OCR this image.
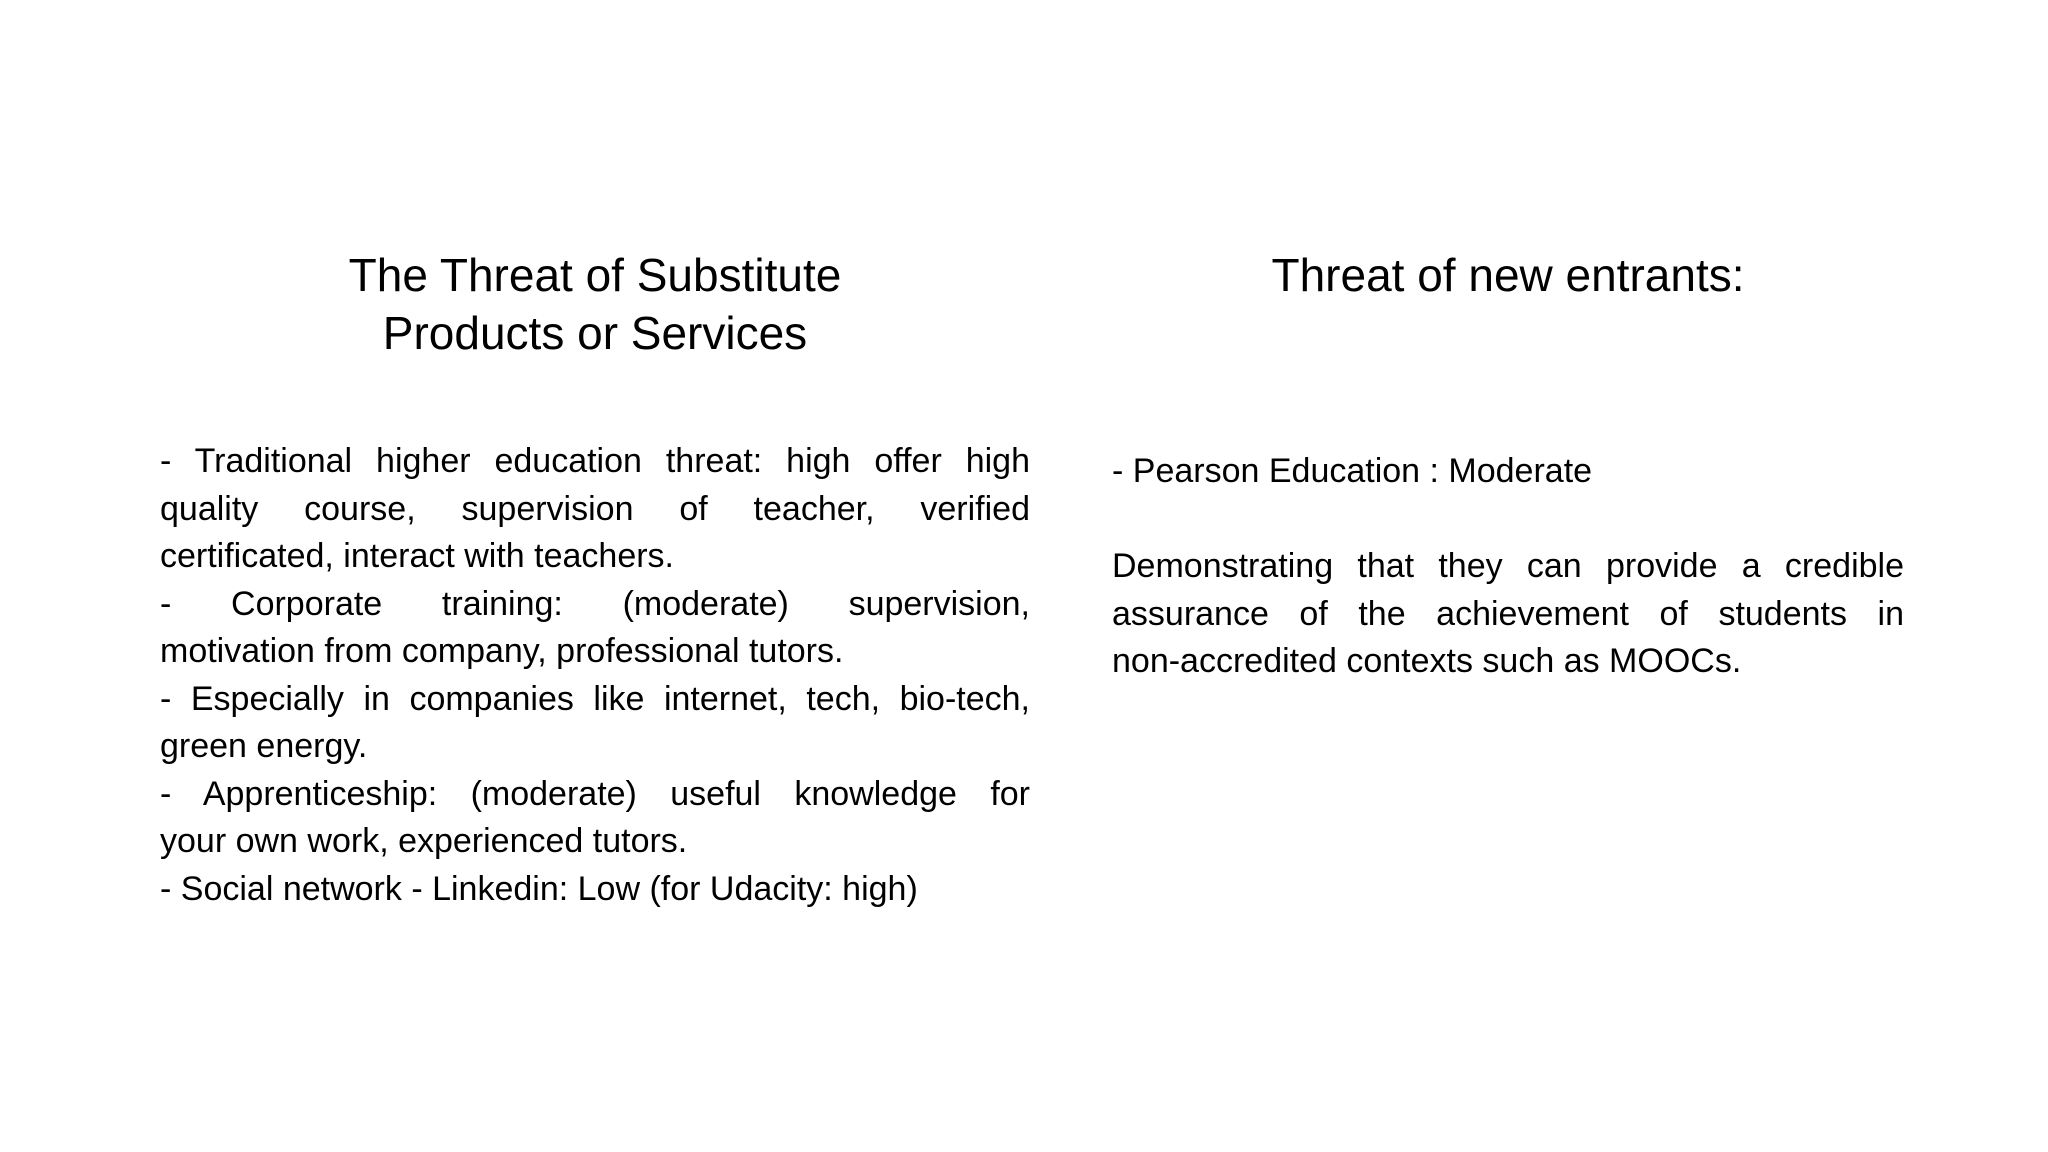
The Threat of Substitute
Products or Services
- Traditional higher education threat: high offer high
quality course, supervision of teacher, verified
certificated, interact with teachers.
- Corporate training: (moderate) supervision,
motivation from company, professional tutors.
- Especially in companies like internet, tech, bio-tech,
green energy.
- Apprenticeship: (moderate) useful knowledge for
your own work, experienced tutors.
- Social network - Linkedin: Low (for Udacity: high)
Threat of new entrants:
- Pearson Education : Moderate
Demonstrating that they can provide a credible
assurance of the achievement of students in
non-accredited contexts such as MOOCs.
